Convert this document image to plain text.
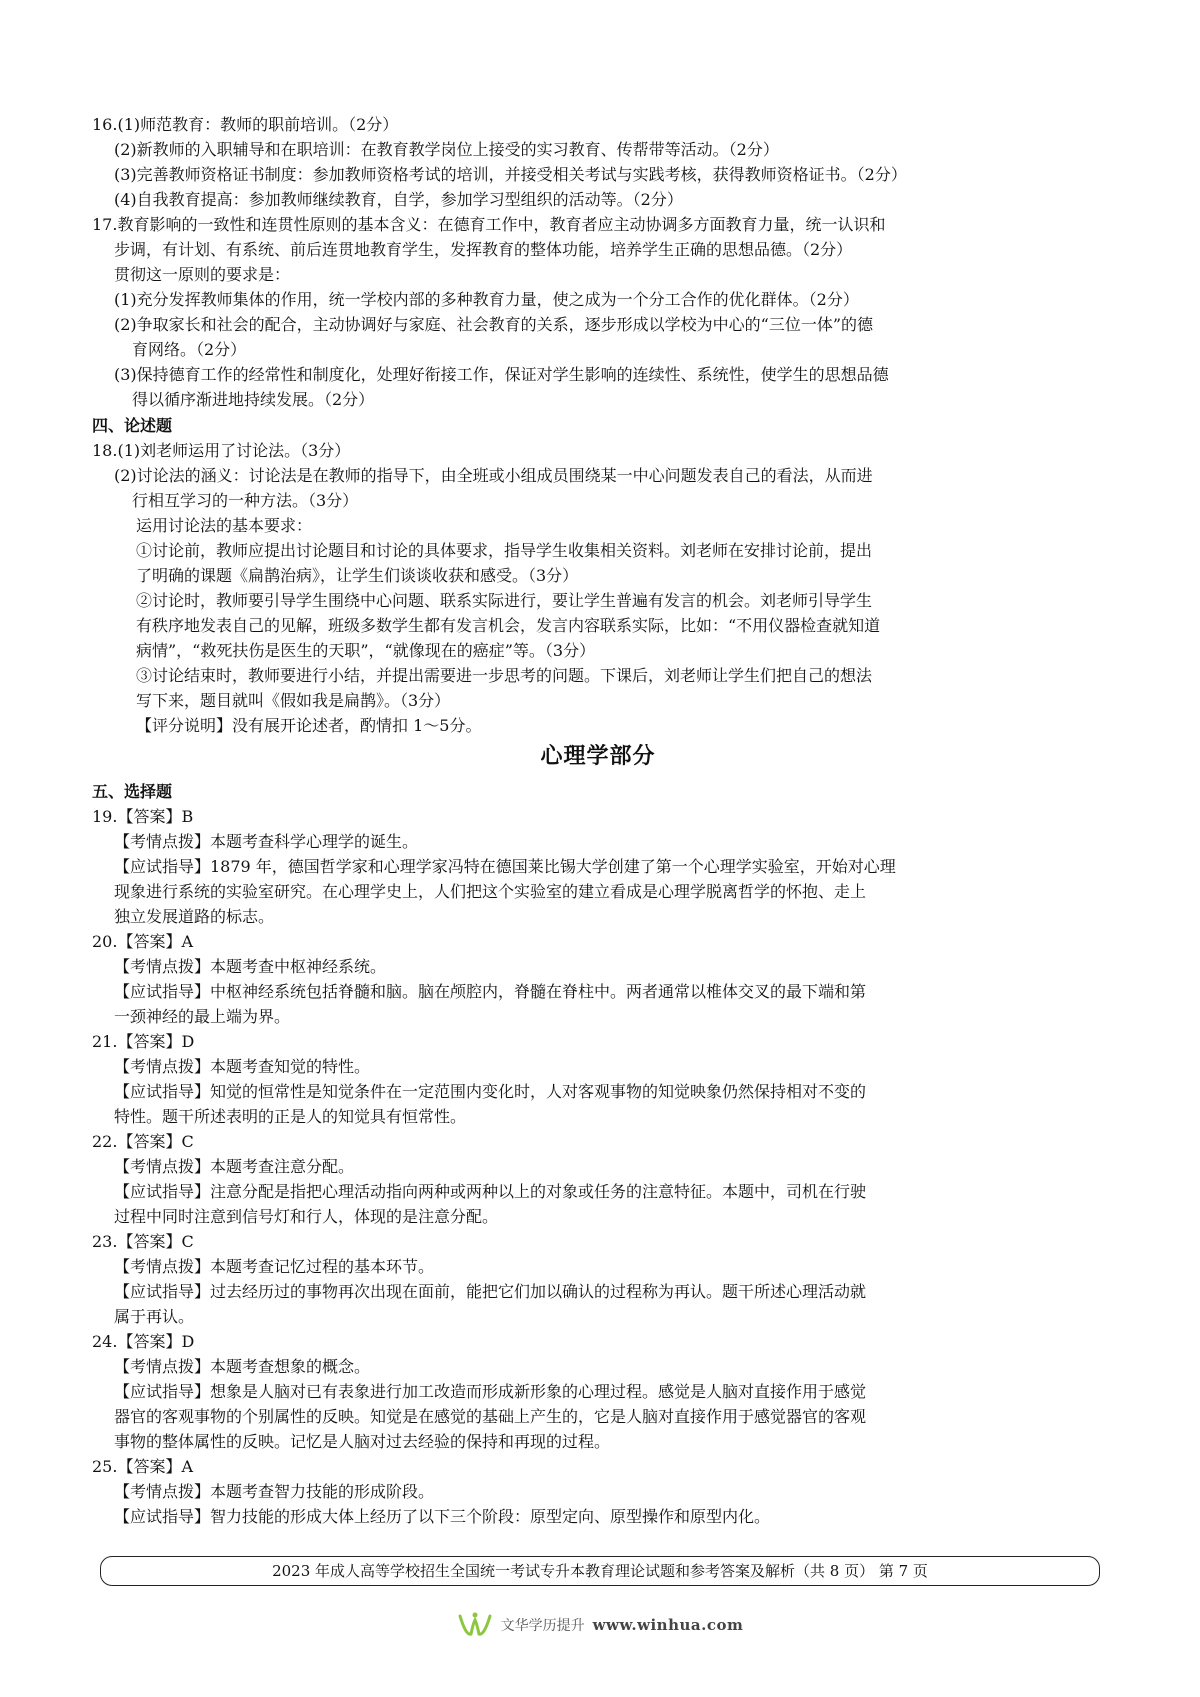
16.(1)师范教育：教师的职前培训。（2分）

(2)新教师的入职辅导和在职培训：在教育教学岗位上接受的实习教育、传帮带等活动。（2分）

(3)完善教师资格证书制度：参加教师资格考试的培训，并接受相关考试与实践考核，获得教师资格证书。（2分）

(4)自我教育提高：参加教师继续教育，自学，参加学习型组织的活动等。（2分）

17.教育影响的一致性和连贯性原则的基本含义：在德育工作中，教育者应主动协调多方面教育力量，统一认识和

步调，有计划、有系统、前后连贯地教育学生，发挥教育的整体功能，培养学生正确的思想品德。（2分）

贯彻这一原则的要求是：

(1)充分发挥教师集体的作用，统一学校内部的多种教育力量，使之成为一个分工合作的优化群体。（2分）

(2)争取家长和社会的配合，主动协调好与家庭、社会教育的关系，逐步形成以学校为中心的“三位一体”的德

育网络。（2分）

(3)保持德育工作的经常性和制度化，处理好衔接工作，保证对学生影响的连续性、系统性，使学生的思想品德

得以循序渐进地持续发展。（2分）

四、论述题

18.(1)刘老师运用了讨论法。（3分）

(2)讨论法的涵义：讨论法是在教师的指导下，由全班或小组成员围绕某一中心问题发表自己的看法，从而进

行相互学习的一种方法。（3分）

运用讨论法的基本要求：

①讨论前，教师应提出讨论题目和讨论的具体要求，指导学生收集相关资料。刘老师在安排讨论前，提出

了明确的课题《扁鹊治病》，让学生们谈谈收获和感受。（3分）

②讨论时，教师要引导学生围绕中心问题、联系实际进行，要让学生普遍有发言的机会。刘老师引导学生

有秩序地发表自己的见解，班级多数学生都有发言机会，发言内容联系实际，比如：“不用仪器检查就知道

病情”，“救死扶伤是医生的天职”，“就像现在的癌症”等。（3分）

③讨论结束时，教师要进行小结，并提出需要进一步思考的问题。下课后，刘老师让学生们把自己的想法

写下来，题目就叫《假如我是扁鹊》。（3分）

【评分说明】没有展开论述者，酌情扣 1～5分。

心理学部分

五、选择题

19.【答案】B

【考情点拨】本题考查科学心理学的诞生。

【应试指导】1879 年，德国哲学家和心理学家冯特在德国莱比锡大学创建了第一个心理学实验室，开始对心理

现象进行系统的实验室研究。在心理学史上，人们把这个实验室的建立看成是心理学脱离哲学的怀抱、走上

独立发展道路的标志。

20.【答案】A

【考情点拨】本题考查中枢神经系统。

【应试指导】中枢神经系统包括脊髓和脑。脑在颅腔内，脊髓在脊柱中。两者通常以椎体交叉的最下端和第

一颈神经的最上端为界。

21.【答案】D

【考情点拨】本题考查知觉的特性。

【应试指导】知觉的恒常性是知觉条件在一定范围内变化时，人对客观事物的知觉映象仍然保持相对不变的

特性。题干所述表明的正是人的知觉具有恒常性。

22.【答案】C

【考情点拨】本题考查注意分配。

【应试指导】注意分配是指把心理活动指向两种或两种以上的对象或任务的注意特征。本题中，司机在行驶

过程中同时注意到信号灯和行人，体现的是注意分配。

23.【答案】C

【考情点拨】本题考查记忆过程的基本环节。

【应试指导】过去经历过的事物再次出现在面前，能把它们加以确认的过程称为再认。题干所述心理活动就

属于再认。

24.【答案】D

【考情点拨】本题考查想象的概念。

【应试指导】想象是人脑对已有表象进行加工改造而形成新形象的心理过程。感觉是人脑对直接作用于感觉

器官的客观事物的个别属性的反映。知觉是在感觉的基础上产生的，它是人脑对直接作用于感觉器官的客观

事物的整体属性的反映。记忆是人脑对过去经验的保持和再现的过程。

25.【答案】A

【考情点拨】本题考查智力技能的形成阶段。

【应试指导】智力技能的形成大体上经历了以下三个阶段：原型定向、原型操作和原型内化。

2023 年成人高等学校招生全国统一考试专升本教育理论试题和参考答案及解析（共 8 页） 第 7 页
文华学历提升 www.winhua.com
